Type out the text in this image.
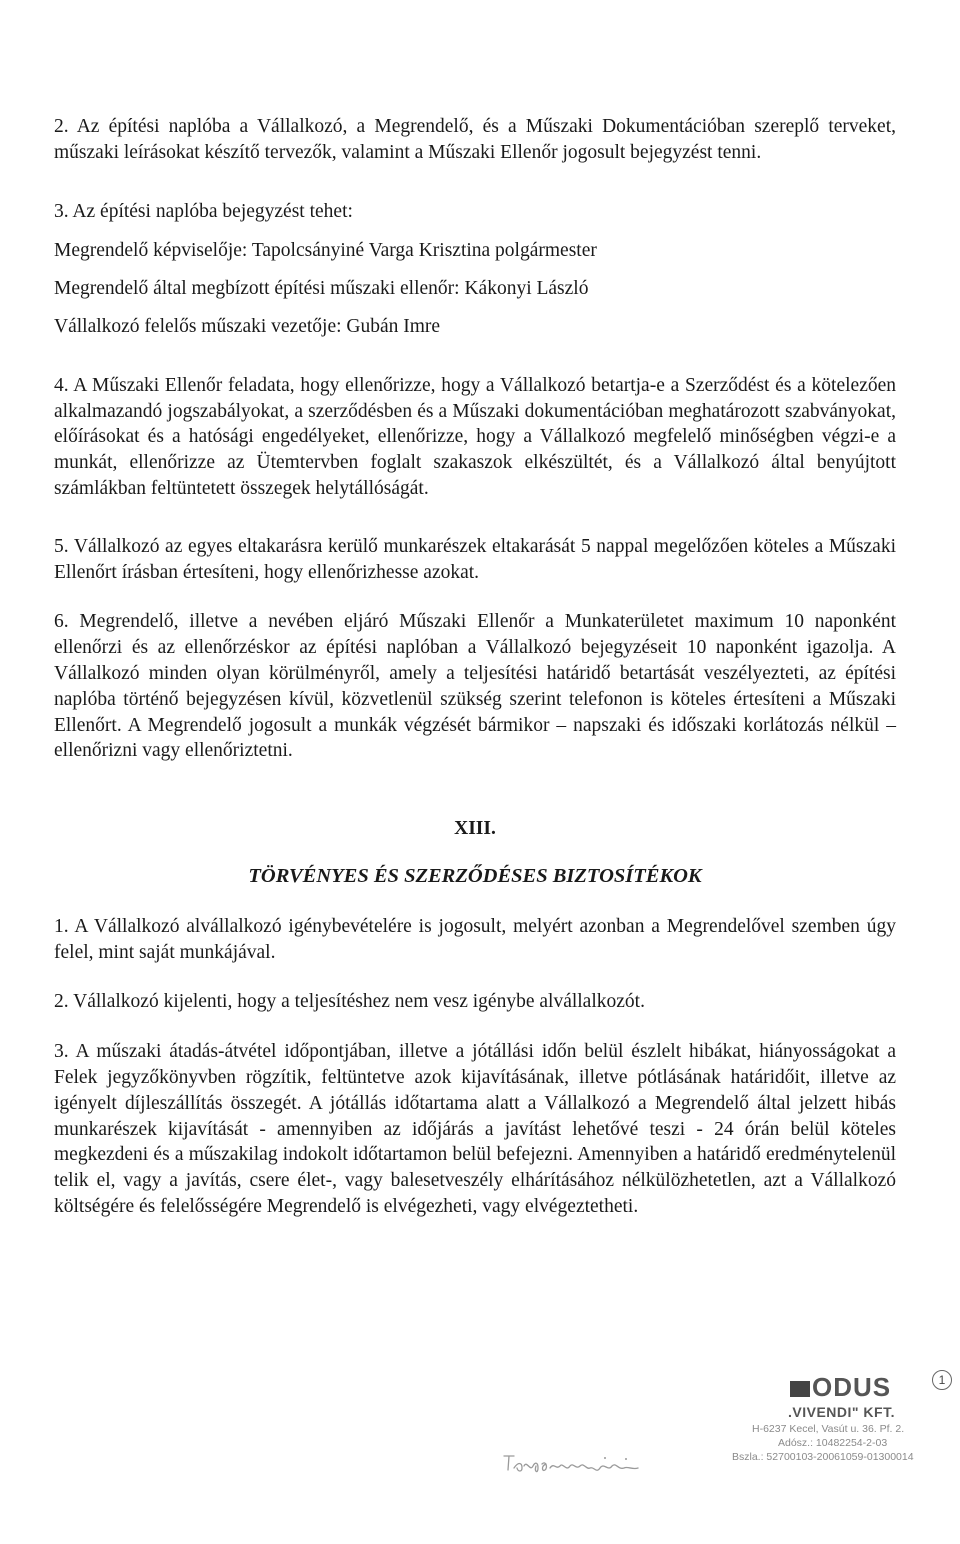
2. Az építési naplóba a Vállalkozó, a Megrendelő, és a Műszaki Dokumentációban szereplő terveket, műszaki leírásokat készítő tervezők, valamint a Műszaki Ellenőr jogosult bejegyzést tenni.

3. Az építési naplóba bejegyzést tehet:

Megrendelő képviselője: Tapolcsányiné Varga Krisztina polgármester

Megrendelő által megbízott építési műszaki ellenőr: Kákonyi László

Vállalkozó felelős műszaki vezetője: Gubán Imre

4. A Műszaki Ellenőr feladata, hogy ellenőrizze, hogy a Vállalkozó betartja-e a Szerződést és a kötelezően alkalmazandó jogszabályokat, a szerződésben és a Műszaki dokumentációban meghatározott szabványokat, előírásokat és a hatósági engedélyeket, ellenőrizze, hogy a Vállalkozó megfelelő minőségben végzi-e a munkát, ellenőrizze az Ütemtervben foglalt szakaszok elkészültét, és a Vállalkozó által benyújtott számlákban feltüntetett összegek helytállóságát.

5. Vállalkozó az egyes eltakarásra kerülő munkarészek eltakarását 5 nappal megelőzően köteles a Műszaki Ellenőrt írásban értesíteni, hogy ellenőrizhesse azokat.

6. Megrendelő, illetve a nevében eljáró Műszaki Ellenőr a Munkaterületet maximum 10 naponként ellenőrzi és az ellenőrzéskor az építési naplóban a Vállalkozó bejegyzéseit 10 naponként igazolja. A Vállalkozó minden olyan körülményről, amely a teljesítési határidő betartását veszélyezteti, az építési naplóba történő bejegyzésen kívül, közvetlenül szükség szerint telefonon is köteles értesíteni a Műszaki Ellenőrt. A Megrendelő jogosult a munkák végzését bármikor – napszaki és időszaki korlátozás nélkül – ellenőrizni vagy ellenőriztetni.

XIII.

TÖRVÉNYES ÉS SZERZŐDÉSES BIZTOSÍTÉKOK

1. A Vállalkozó alvállalkozó igénybevételére is jogosult, melyért azonban a Megrendelővel szemben úgy felel, mint saját munkájával.

2. Vállalkozó kijelenti, hogy a teljesítéshez nem vesz igénybe alvállalkozót.

3. A műszaki átadás-átvétel időpontjában, illetve a jótállási időn belül észlelt hibákat, hiányosságokat a Felek jegyzőkönyvben rögzítik, feltüntetve azok kijavításának, illetve pótlásának határidőit, illetve az igényelt díjleszállítás összegét. A jótállás időtartama alatt a Vállalkozó a Megrendelő által jelzett hibás munkarészek kijavítását - amennyiben az időjárás a javítást lehetővé teszi - 24 órán belül köteles megkezdeni és a műszakilag indokolt időtartamon belül befejezni. Amennyiben a határidő eredménytelenül telik el, vagy a javítás, csere élet-, vagy balesetveszély elhárításához nélkülözhetetlen, azt a Vállalkozó költségére és felelősségére Megrendelő is elvégezheti, vagy elvégeztetheti.

ODUS	1
.VIVENDI" KFT.
H-6237 Kecel, Vasút u. 36. Pf. 2.
Adósz.: 10482254-2-03
Bszla.: 52700103-20061059-01300014
